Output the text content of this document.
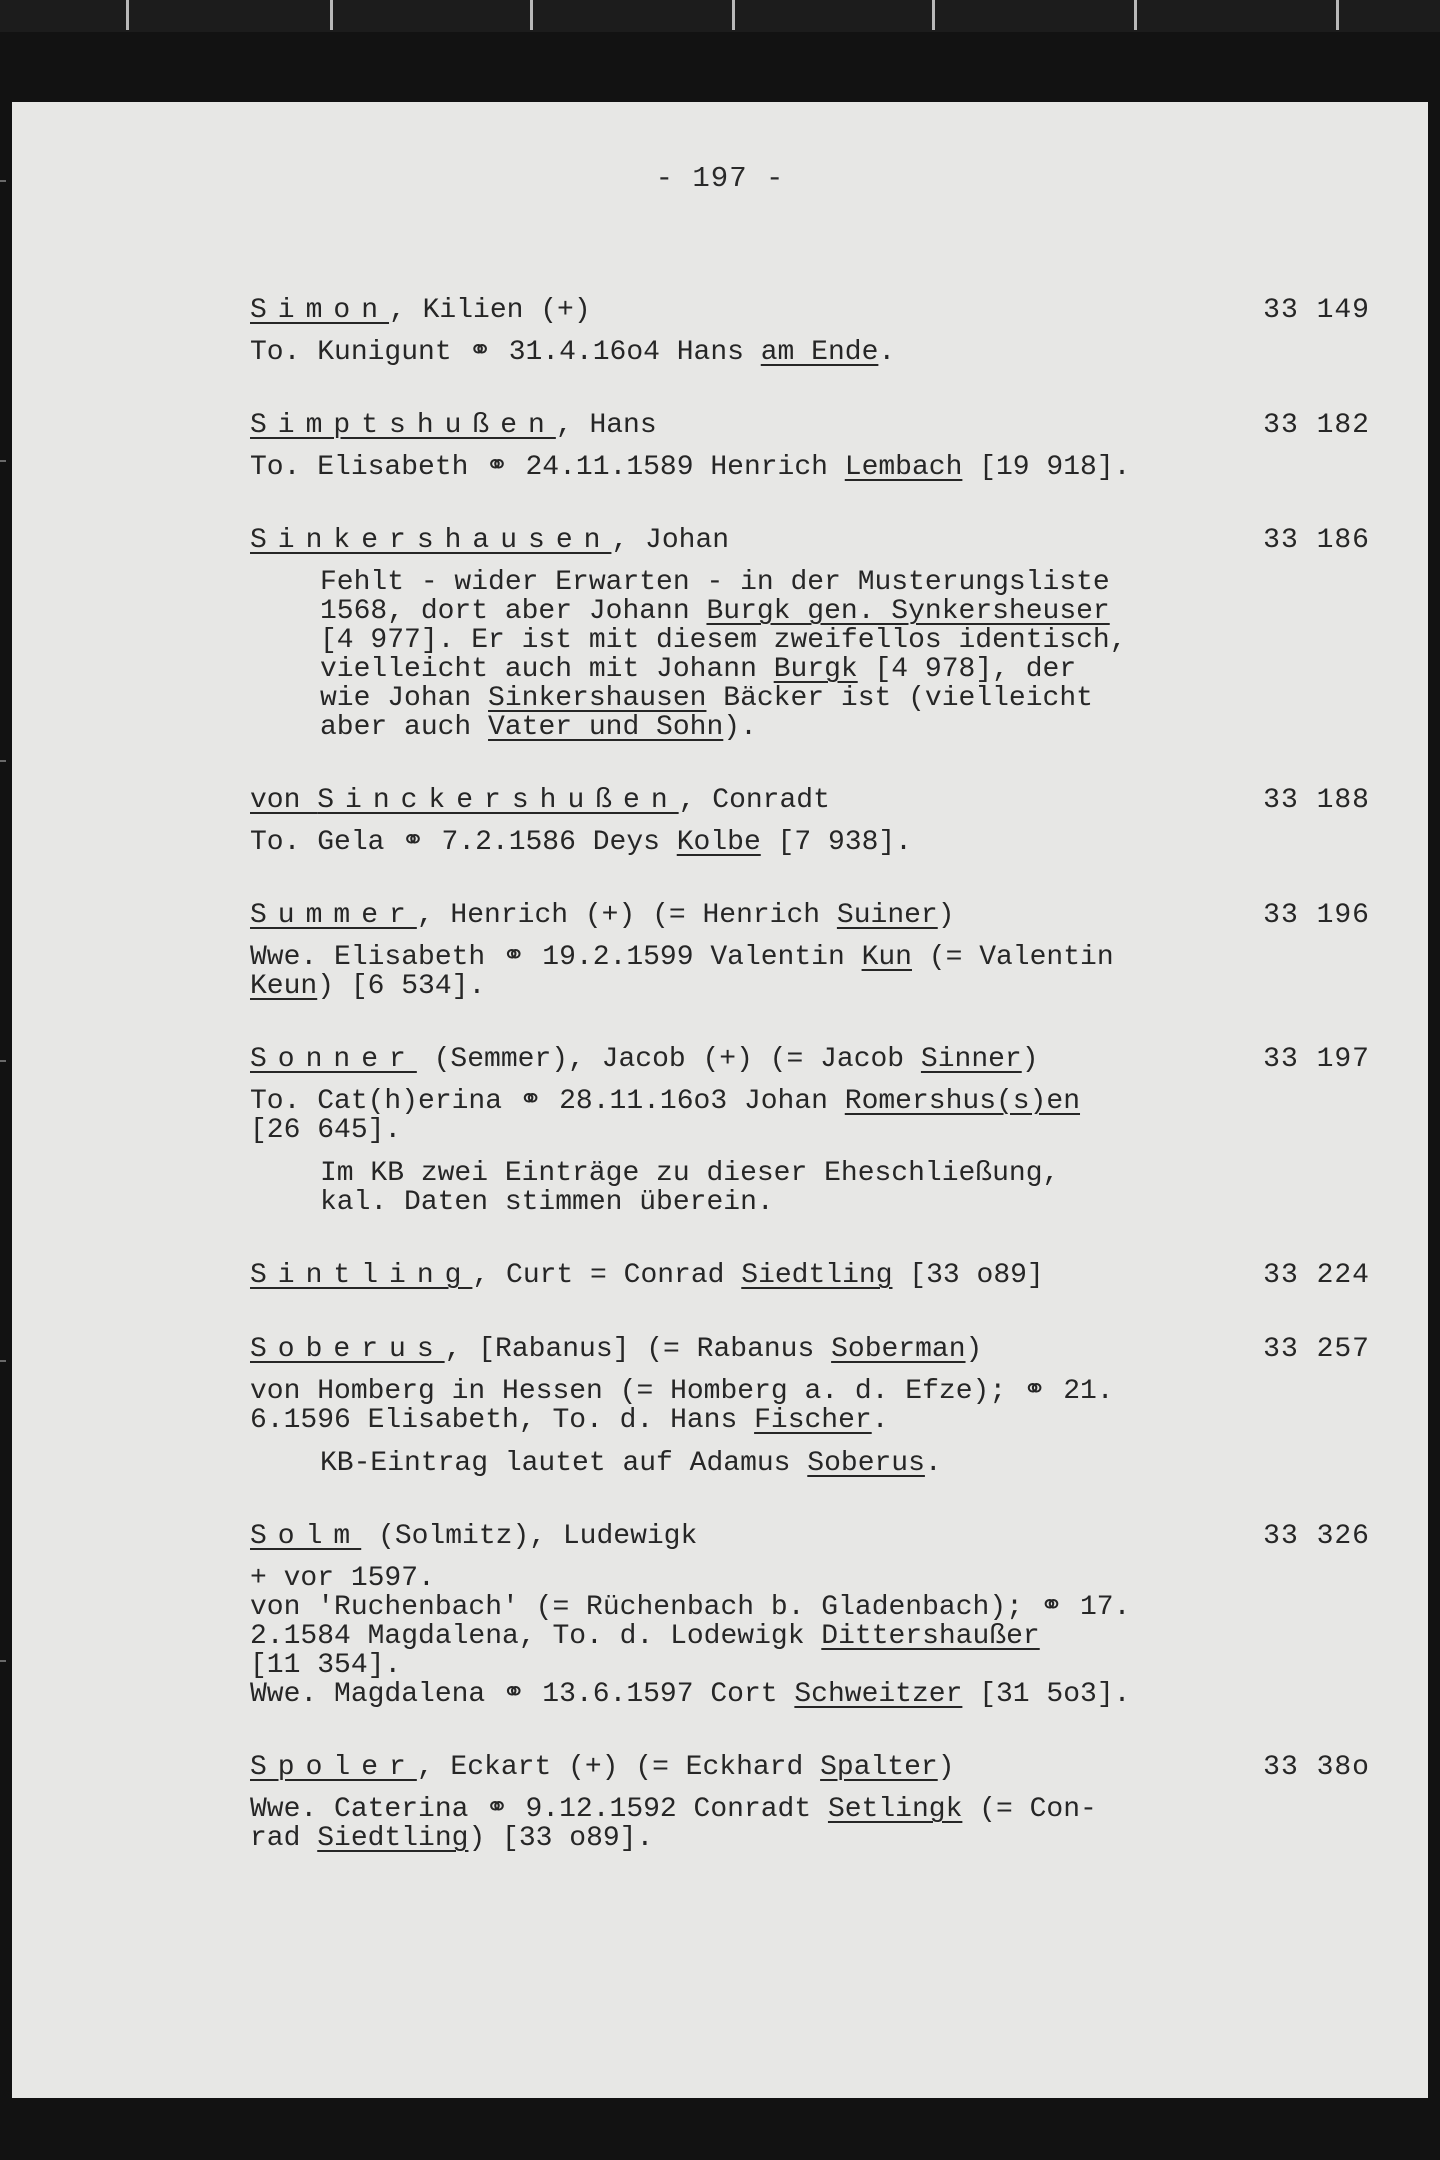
- 197 -
Simon, Kilien (+)	33 149
To. Kunigunt ⚭ 31.4.16o4 Hans am Ende.
Simptshußen, Hans	33 182
To. Elisabeth ⚭ 24.11.1589 Henrich Lembach [19 918].
Sinkershausen, Johan	33 186
Fehlt - wider Erwarten - in der Musterungsliste
1568, dort aber Johann Burgk gen. Synkersheuser
[4 977]. Er ist mit diesem zweifellos identisch,
vielleicht auch mit Johann Burgk [4 978], der
wie Johan Sinkershausen Bäcker ist (vielleicht
aber auch Vater und Sohn).
von Sinckershußen, Conradt	33 188
To. Gela ⚭ 7.2.1586 Deys Kolbe [7 938].
Summer, Henrich (+) (= Henrich Suiner)	33 196
Wwe. Elisabeth ⚭ 19.2.1599 Valentin Kun (= Valentin
Keun) [6 534].
Sonner (Semmer), Jacob (+) (= Jacob Sinner)	33 197
To. Cat(h)erina ⚭ 28.11.16o3 Johan Romershus(s)en
[26 645].
Im KB zwei Einträge zu dieser Eheschließung,
kal. Daten stimmen überein.
Sintling, Curt = Conrad Siedtling [33 o89]	33 224
Soberus, [Rabanus] (= Rabanus Soberman)	33 257
von Homberg in Hessen (= Homberg a. d. Efze); ⚭ 21.
6.1596 Elisabeth, To. d. Hans Fischer.
KB-Eintrag lautet auf Adamus Soberus.
Solm (Solmitz), Ludewigk	33 326
+ vor 1597.
von 'Ruchenbach' (= Rüchenbach b. Gladenbach); ⚭ 17.
2.1584 Magdalena, To. d. Lodewigk Dittershaußer
[11 354].
Wwe. Magdalena ⚭ 13.6.1597 Cort Schweitzer [31 5o3].
Spoler, Eckart (+) (= Eckhard Spalter)	33 38o
Wwe. Caterina ⚭ 9.12.1592 Conradt Setlingk (= Con-
rad Siedtling) [33 o89].
